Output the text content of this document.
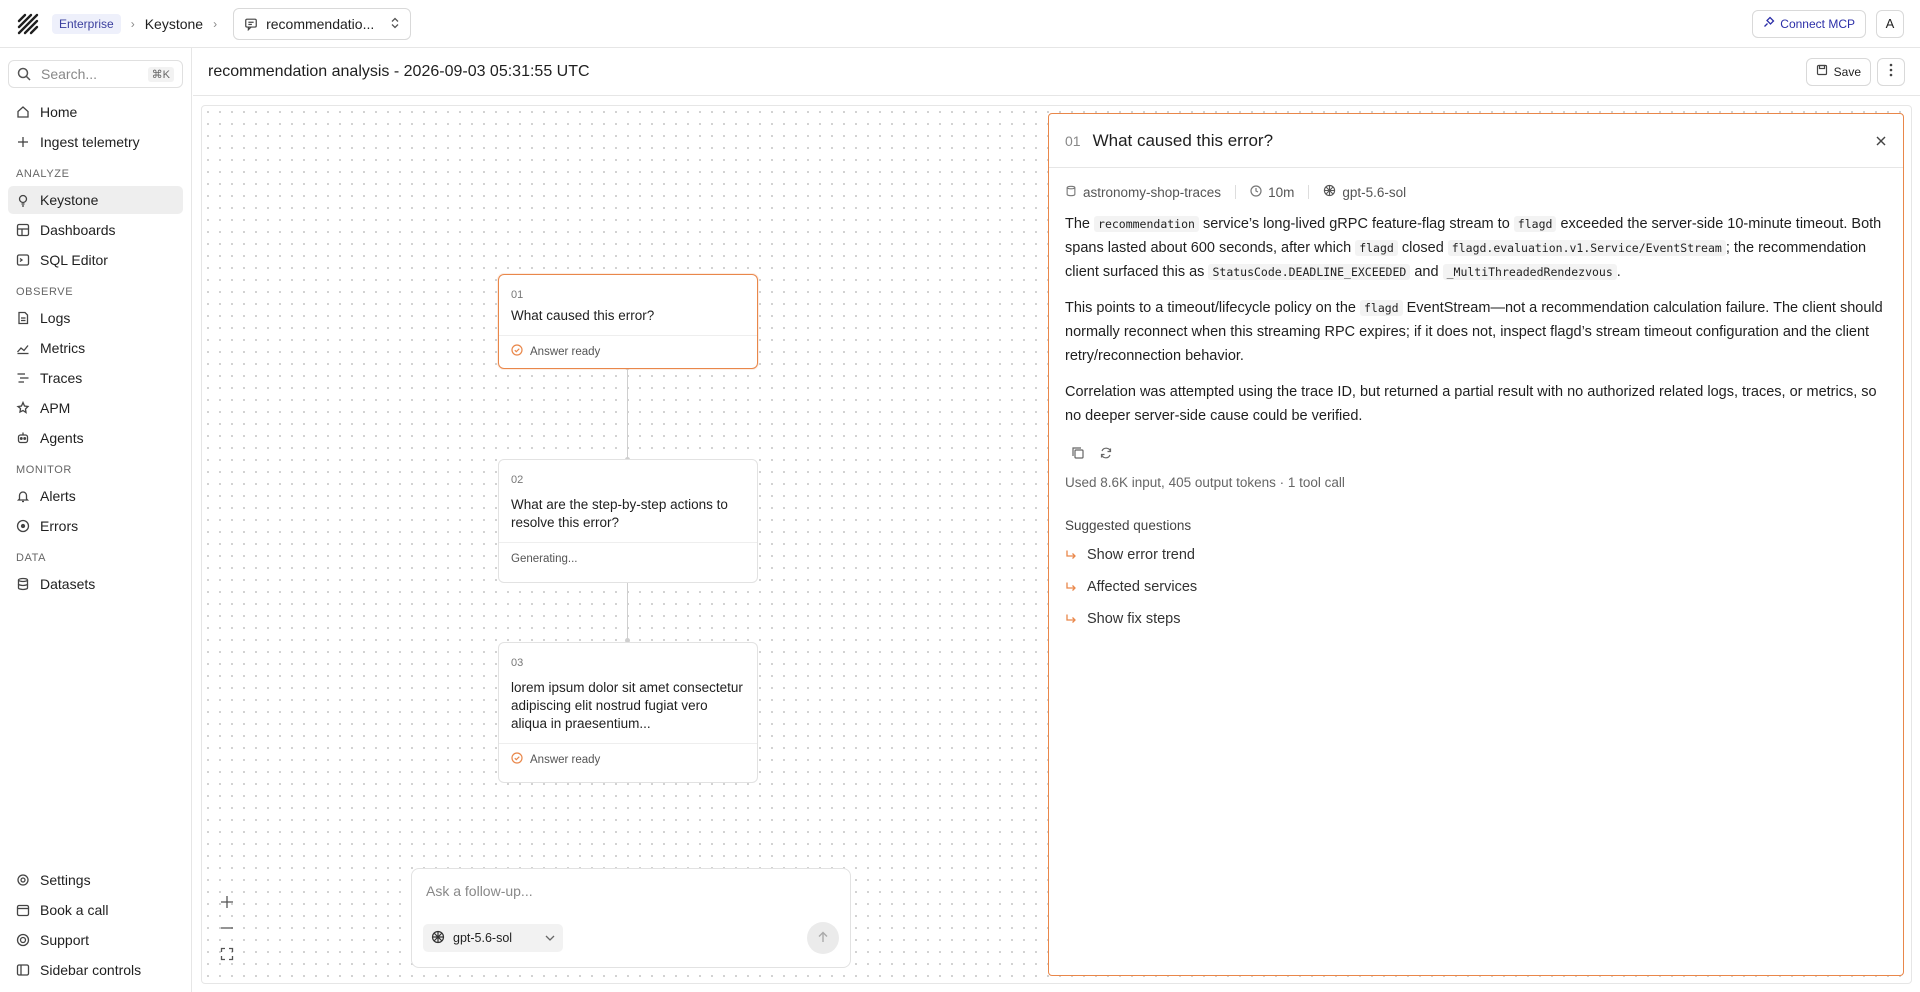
Enterprise	› Keystone ›	recommendatio...	Connect MCP	A
Search...	⌘K
Home
Ingest telemetry
ANALYZE
Keystone
Dashboards
SQL Editor
OBSERVE
Logs
Metrics
Traces
APM
Agents
MONITOR
Alerts
Errors
DATA
Datasets
Settings
Book a call
Support
Sidebar controls
recommendation analysis - 2026-09-03 05:31:55 UTC	Save
01
What caused this error?
Answer ready
02
What are the step-by-step actions to resolve this error?
Generating...
03
lorem ipsum dolor sit amet consectetur adipiscing elit nostrud fugiat vero aliqua in praesentium...
Answer ready
Ask a follow-up...
gpt-5.6-sol
01 What caused this error?
astronomy-shop-traces	10m	gpt-5.6-sol

The recommendation service’s long-lived gRPC feature-flag stream to flagd exceeded the server-side 10-minute timeout. Both spans lasted about 600 seconds, after which flagd closed flagd.evaluation.v1.Service/EventStream ; the recommendation client surfaced this as StatusCode.DEADLINE_EXCEEDED and _MultiThreadedRendezvous .

This points to a timeout/lifecycle policy on the flagd EventStream—not a recommendation calculation failure. The client should normally reconnect when this streaming RPC expires; if it does not, inspect flagd’s stream timeout configuration and the client retry/reconnection behavior.

Correlation was attempted using the trace ID, but returned a partial result with no authorized related logs, traces, or metrics, so no deeper server-side cause could be verified.

Used 8.6K input, 405 output tokens · 1 tool call
Suggested questions
Show error trend
Affected services
Show fix steps
